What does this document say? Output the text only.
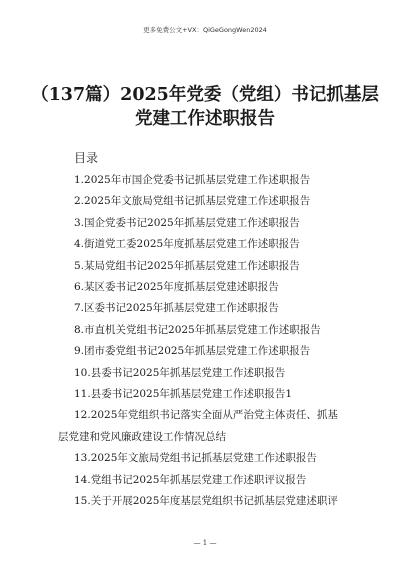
更多免费公文+VX：QiGeGongWen2024
（137篇）2025年党委（党组）书记抓基层党建工作述职报告
目录
1.2025年市国企党委书记抓基层党建工作述职报告
2.2025年文旅局党组书记抓基层党建工作述职报告
3.国企党委书记2025年抓基层党建工作述职报告
4.街道党工委2025年度抓基层党建工作述职报告
5.某局党组书记2025年抓基层党建工作述职报告
6.某区委书记2025年度抓基层党建述职报告
7.区委书记2025年抓基层党建工作述职报告
8.市直机关党组书记2025年抓基层党建工作述职报告
9.团市委党组书记2025年抓基层党建工作述职报告
10.县委书记2025年抓基层党建工作述职报告
11.县委书记2025年抓基层党建工作述职报告1
12.2025年党组织书记落实全面从严治党主体责任、抓基
层党建和党风廉政建设工作情况总结
13.2025年文旅局党组书记抓基层党建工作述职报告
14.党组书记2025年抓基层党建工作述职评议报告
15.关于开展2025年度基层党组织书记抓基层党建述职评
— 1 —
